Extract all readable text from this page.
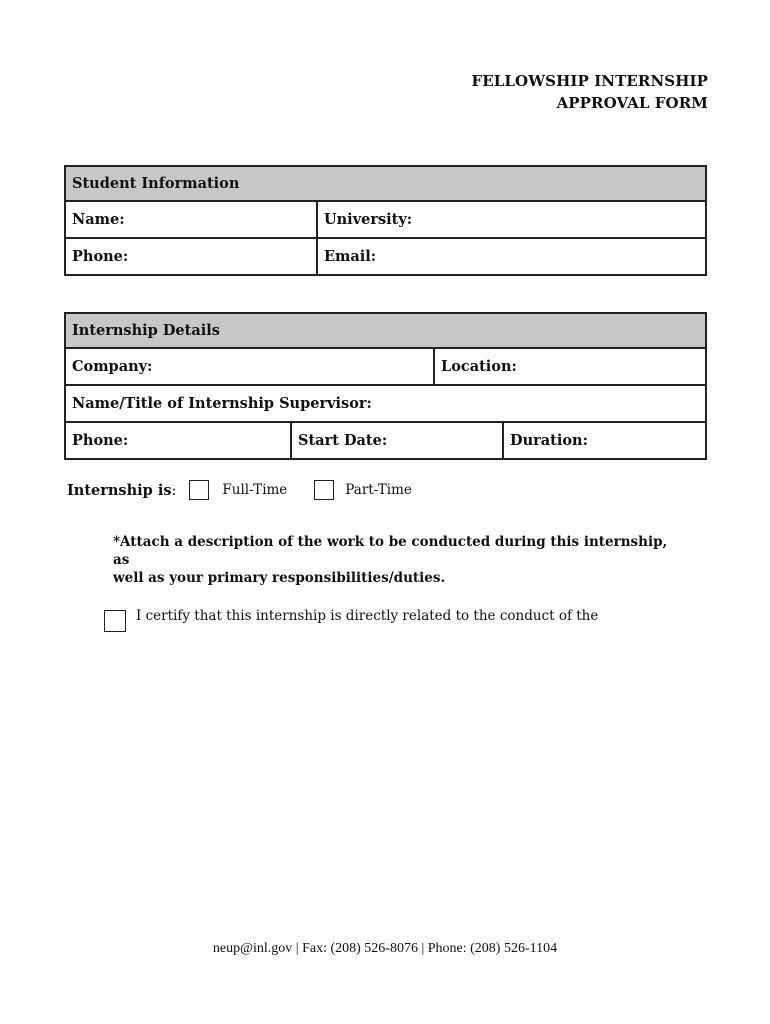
FELLOWSHIP INTERNSHIP
APPROVAL FORM
Student Information	
Name:	University:
Phone:	Email:
Internship Details			
Company:		Location:	
Name/Title of Internship Supervisor:			
Phone:	Start Date:		Duration:
Internship is:	Full-Time	Part-Time
*Attach a description of the work to be conducted during this internship, as
well as your primary responsibilities/duties.
I certify that this internship is directly related to the conduct of the
neup@inl.gov | Fax: (208) 526-8076 | Phone: (208) 526-1104
